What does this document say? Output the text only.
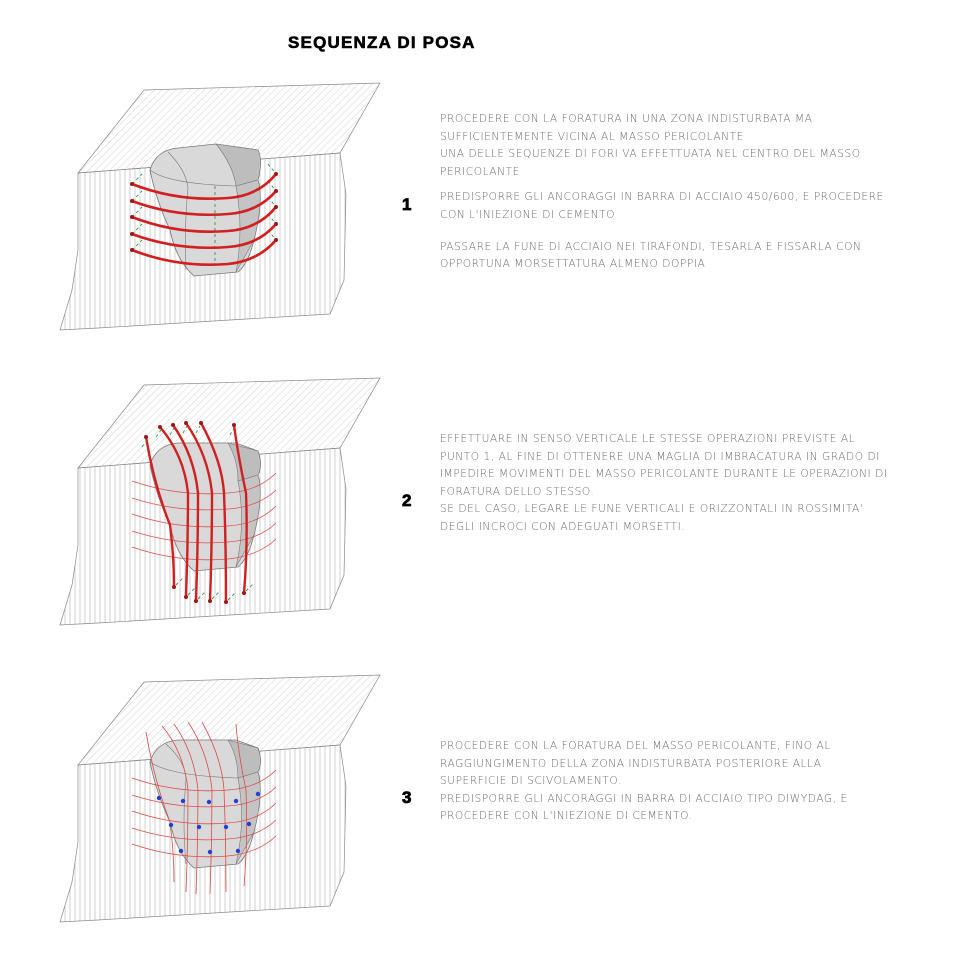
SEQUENZA DI POSA
1

PROCEDERE CON LA FORATURA IN UNA ZONA INDISTURBATA MA

SUFFICIENTEMENTE VICINA AL MASSO PERICOLANTE

UNA DELLE SEQUENZE DI FORI VA EFFETTUATA NEL CENTRO DEL MASSO

PERICOLANTE

PREDISPORRE GLI ANCORAGGI IN BARRA DI ACCIAIO 450/600, E PROCEDERE

CON L'INIEZIONE DI CEMENTO

PASSARE LA FUNE DI ACCIAIO NEI TIRAFONDI, TESARLA E FISSARLA CON

OPPORTUNA MORSETTATURA ALMENO DOPPIA

2

EFFETTUARE IN SENSO VERTICALE LE STESSE OPERAZIONI PREVISTE AL

PUNTO 1, AL FINE DI OTTENERE UNA MAGLIA DI IMBRACATURA IN GRADO DI

IMPEDIRE MOVIMENTI DEL MASSO PERICOLANTE DURANTE LE OPERAZIONI DI

FORATURA DELLO STESSO.

SE DEL CASO, LEGARE LE FUNE VERTICALI E ORIZZONTALI IN ROSSIMITA'

DEGLI INCROCI CON ADEGUATI MORSETTI.

3

PROCEDERE CON LA FORATURA DEL MASSO PERICOLANTE, FINO AL

RAGGIUNGIMENTO DELLA ZONA INDISTURBATA POSTERIORE ALLA

SUPERFICIE DI SCIVOLAMENTO.

PREDISPORRE GLI ANCORAGGI IN BARRA DI ACCIAIO TIPO DIWYDAG, E

PROCEDERE CON L'INIEZIONE DI CEMENTO.
